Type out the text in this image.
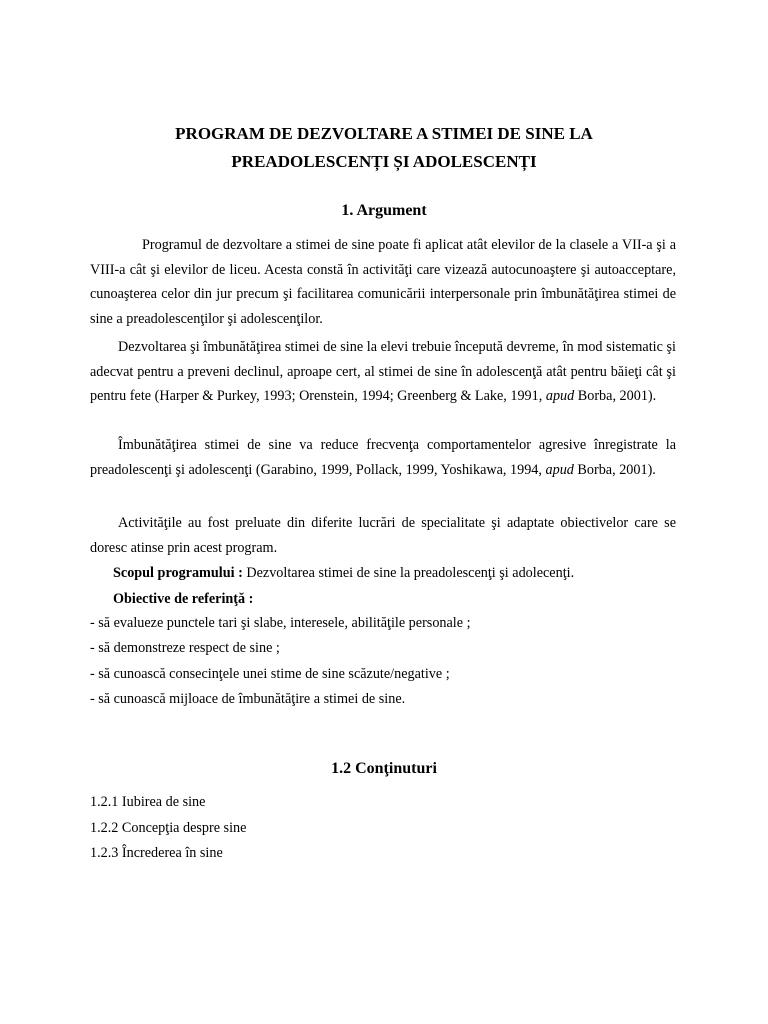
PROGRAM DE DEZVOLTARE A STIMEI DE SINE LA
PREADOLESCENȚI ȘI ADOLESCENȚI
1. Argument

Programul de dezvoltare a stimei de sine poate fi aplicat atât elevilor de la clasele a VII-a şi a VIII-a cât şi elevilor de liceu. Acesta constă în activităţi care vizează autocunoaştere şi autoacceptare, cunoaşterea celor din jur precum şi facilitarea comunicării interpersonale prin îmbunătăţirea stimei de sine a preadolescenţilor şi adolescenţilor.

Dezvoltarea şi îmbunătăţirea stimei de sine la elevi trebuie începută devreme, în mod sistematic şi adecvat pentru a preveni declinul, aproape cert, al stimei de sine în adolescenţă atât pentru băieţi cât şi pentru fete (Harper & Purkey, 1993; Orenstein, 1994; Greenberg & Lake, 1991, apud Borba, 2001).

Îmbunătăţirea stimei de sine va reduce frecvenţa comportamentelor agresive înregistrate la preadolescenţi şi adolescenţi (Garabino, 1999, Pollack, 1999, Yoshikawa, 1994, apud Borba, 2001).

Activităţile au fost preluate din diferite lucrări de specialitate şi adaptate obiectivelor care se doresc atinse prin acest program.

Scopul programului : Dezvoltarea stimei de sine la preadolescenţi şi adolecenţi.
Obiective de referinţă :
- să evalueze punctele tari şi slabe, interesele, abilităţile personale ;
- să demonstreze respect de sine ;
- să cunoască consecinţele unei stime de sine scăzute/negative ;
- să cunoască mijloace de îmbunătăţire a stimei de sine.
1.2 Conţinuturi
1.2.1 Iubirea de sine
1.2.2 Concepţia despre sine
1.2.3 Încrederea în sine
